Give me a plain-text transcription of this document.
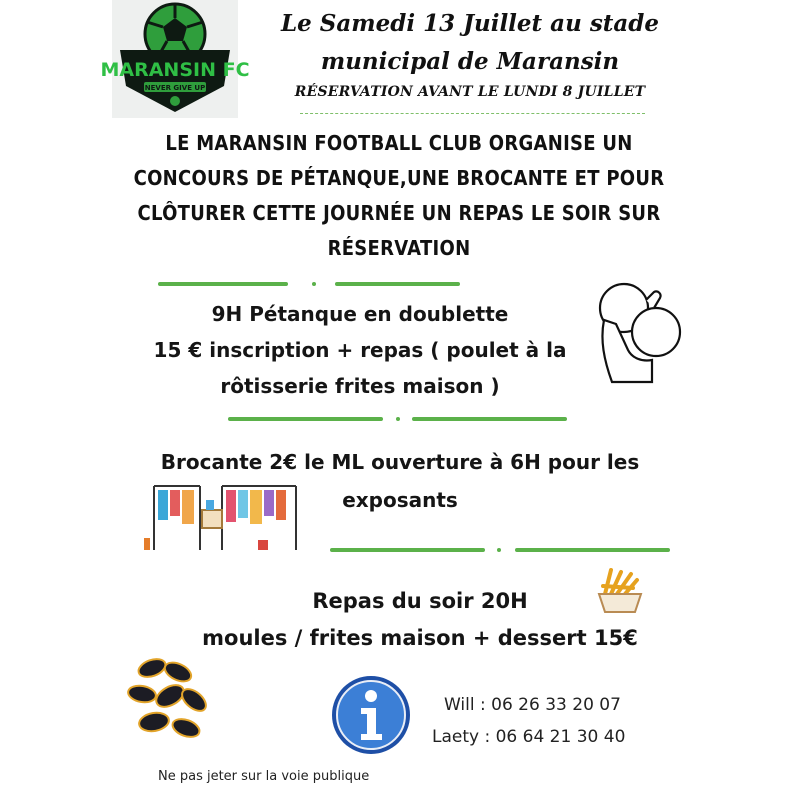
MARANSIN FC
NEVER GIVE UP
Le Samedi 13 Juillet au stade
municipal de Maransin
RÉSERVATION AVANT LE LUNDI 8 JUILLET
LE MARANSIN FOOTBALL CLUB ORGANISE UN
CONCOURS DE PÉTANQUE,UNE BROCANTE ET POUR
CLÔTURER CETTE JOURNÉE UN REPAS LE SOIR SUR
RÉSERVATION
9H Pétanque en doublette
15 € inscription + repas ( poulet à la
rôtisserie frites maison )
Brocante 2€ le ML ouverture à 6H pour les
exposants
Repas du soir 20H
moules / frites maison + dessert 15€
Will : 06 26 33 20 07
Laety : 06 64 21 30 40
Ne pas jeter sur la voie publique
